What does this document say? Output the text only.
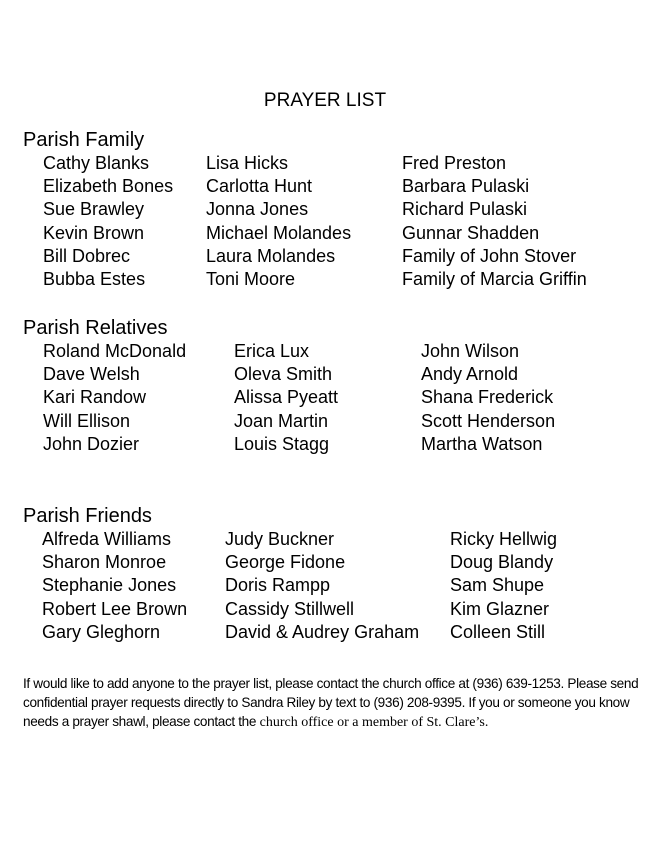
PRAYER LIST
Parish Family
Cathy Blanks
Elizabeth Bones
Sue Brawley
Kevin Brown
Bill Dobrec
Bubba Estes
Lisa Hicks
Carlotta Hunt
Jonna Jones
Michael Molandes
Laura Molandes
Toni Moore
Fred Preston
Barbara Pulaski
Richard Pulaski
Gunnar Shadden
Family of John Stover
Family of Marcia Griffin
Parish Relatives
Roland McDonald
Dave Welsh
Kari Randow
Will Ellison
John Dozier
Erica Lux
Oleva Smith
Alissa Pyeatt
Joan Martin
Louis Stagg
John Wilson
Andy Arnold
Shana Frederick
Scott Henderson
Martha Watson
Parish Friends
Alfreda Williams
Sharon Monroe
Stephanie Jones
Robert Lee Brown
Gary Gleghorn
Judy Buckner
George Fidone
Doris Rampp
Cassidy Stillwell
David & Audrey Graham
Ricky Hellwig
Doug Blandy
Sam Shupe
Kim Glazner
Colleen Still
If would like to add anyone to the prayer list, please contact the church office at (936) 639-1253. Please send confidential prayer requests directly to Sandra Riley by text to (936) 208-9395. If you or someone you know needs a prayer shawl, please contact the church office or a member of St. Clare’s.
